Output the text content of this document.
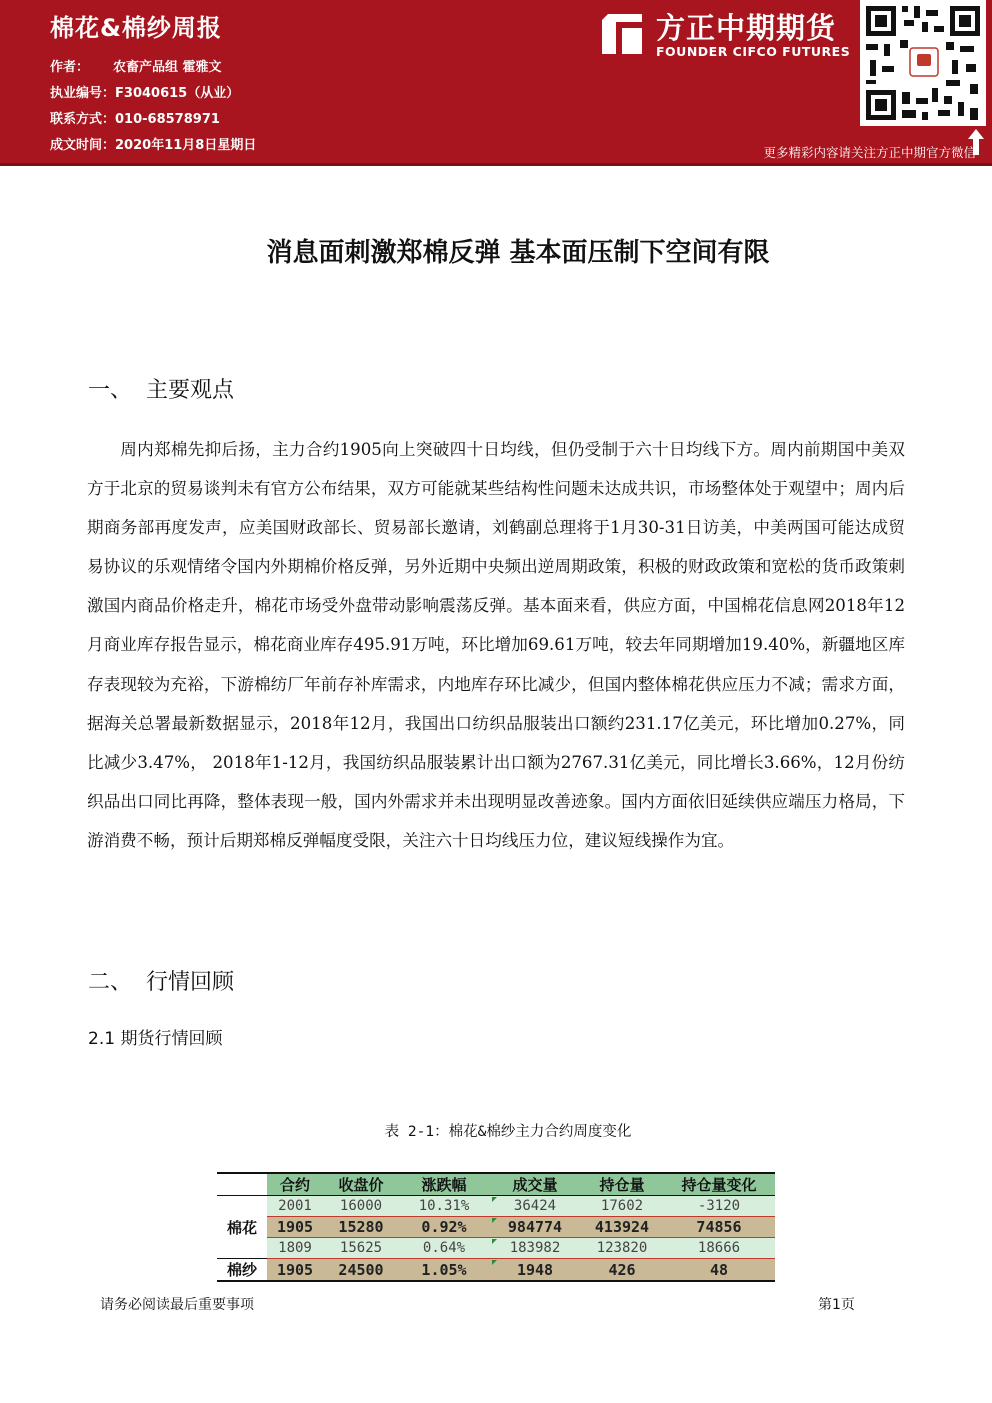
棉花&棉纱周报
作者： 农畜产品组 霍雅文
执业编号：F3040615（从业）
联系方式：010-68578971
成文时间：2020年11月8日星期日
方正中期期货
FOUNDER CIFCO FUTURES
更多精彩内容请关注方正中期官方微信
消息面刺激郑棉反弹 基本面压制下空间有限
一、 主要观点
周内郑棉先抑后扬，主力合约1905向上突破四十日均线，但仍受制于六十日均线下方。周内前期国中美双方于北京的贸易谈判未有官方公布结果，双方可能就某些结构性问题未达成共识，市场整体处于观望中；周内后期商务部再度发声，应美国财政部长、贸易部长邀请，刘鹤副总理将于1月30-31日访美，中美两国可能达成贸易协议的乐观情绪令国内外期棉价格反弹，另外近期中央频出逆周期政策，积极的财政政策和宽松的货币政策刺激国内商品价格走升，棉花市场受外盘带动影响震荡反弹。基本面来看，供应方面，中国棉花信息网2018年12月商业库存报告显示，棉花商业库存495.91万吨，环比增加69.61万吨，较去年同期增加19.40%，新疆地区库存表现较为充裕，下游棉纺厂年前存补库需求，内地库存环比减少，但国内整体棉花供应压力不减；需求方面，据海关总署最新数据显示，2018年12月，我国出口纺织品服装出口额约231.17亿美元，环比增加0.27%，同比减少3.47%， 2018年1-12月，我国纺织品服装累计出口额为2767.31亿美元，同比增长3.66%，12月份纺织品出口同比再降，整体表现一般，国内外需求并未出现明显改善迹象。国内方面依旧延续供应端压力格局，下游消费不畅，预计后期郑棉反弹幅度受限，关注六十日均线压力位，建议短线操作为宜。
二、 行情回顾
2.1 期货行情回顾
表 2-1：棉花&棉纱主力合约周度变化
	合约	收盘价	涨跌幅	成交量	持仓量	持仓量变化
棉花	2001	16000	10.31%	36424	17602	-3120
	1905	15280	0.92%	984774	413924	74856
	1809	15625	0.64%	183982	123820	18666
棉纱	1905	24500	1.05%	1948	426	48
请务必阅读最后重要事项	第1页
